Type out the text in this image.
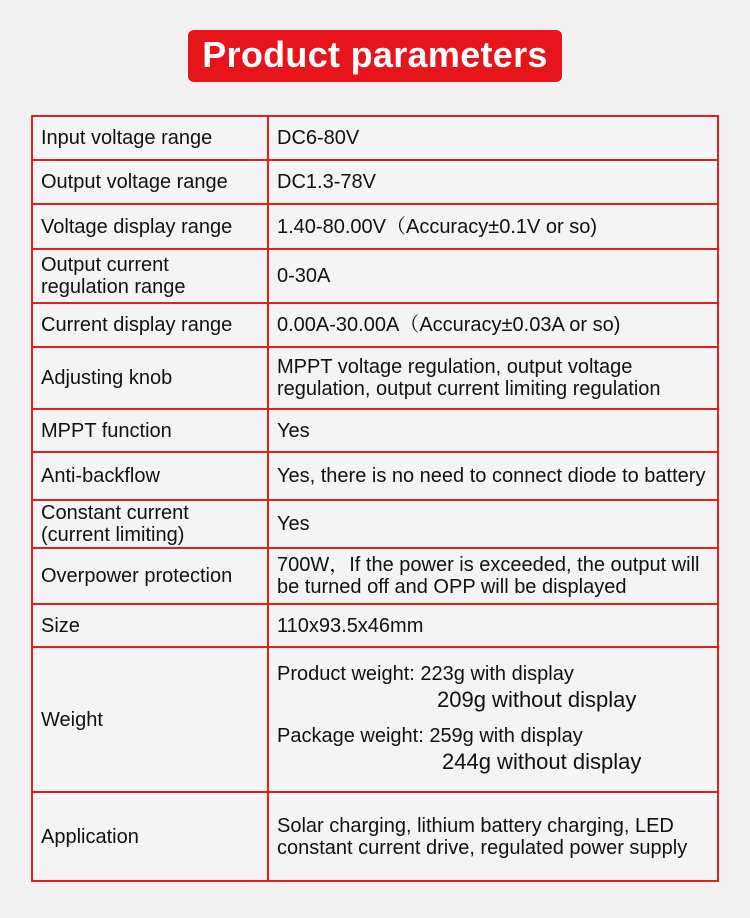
Product parameters
Input voltage range	DC6-80V
Output voltage range	DC1.3-78V
Voltage display range	1.40-80.00V（Accuracy±0.1V or so)
Output current regulation range	0-30A
Current display range	0.00A-30.00A（Accuracy±0.03A or so)
Adjusting knob	MPPT voltage regulation, output voltage regulation, output current limiting regulation
MPPT function	Yes
Anti-backflow	Yes, there is no need to connect diode to battery
Constant current (current limiting)	Yes
Overpower protection	700W，If the power is exceeded, the output will be turned off and OPP will be displayed
Size	110x93.5x46mm
Weight	Product weight: 223g with display
209g without display
Package weight: 259g with display
244g without display

Application	Solar charging, lithium battery charging, LED constant current drive, regulated power supply
